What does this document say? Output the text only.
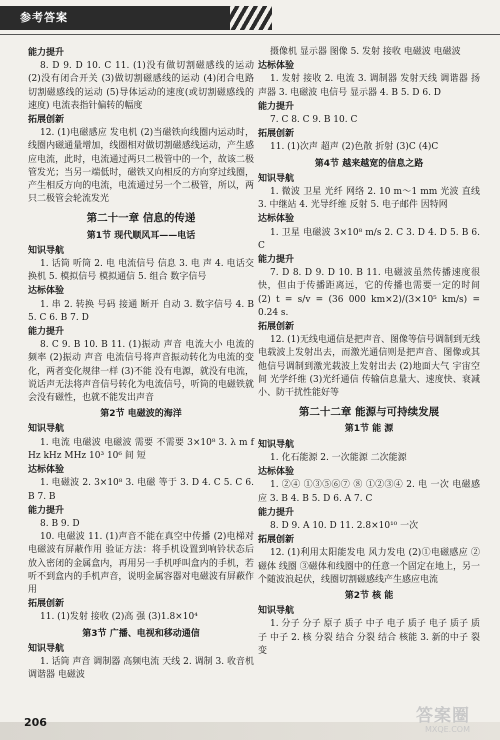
参考答案
能力提升
8. D 9. D 10. C 11. (1)没有做切割磁感线的运动 (2)没有闭合开关 (3)做切割磁感线的运动 (4)闭合电路 切割磁感线的运动 (5)导体运动的速度(或切割磁感线的速度) 电流表指针偏转的幅度
拓展创新
12. (1)电磁感应 发电机 (2)当磁铁向线圈内运动时，线圈内磁通量增加，线圈相对做切割磁感线运动，产生感应电流，此时，电流通过两只二极管中的一个，故该二极管发光；当另一端低时，磁铁又向相反的方向穿过线圈，产生相反方向的电流，电流通过另一个二极管，所以，两只二极管会轮流发光
第二十一章 信息的传递
第1节 现代顺风耳——电话
知识导航
1. 话筒 听筒 2. 电 电流信号 信息 3. 电 声 4. 电话交换机 5. 模拟信号 模拟通信 5. 组合 数字信号
达标体验
1. 串 2. 转换 号码 接通 断开 自动 3. 数字信号 4. B 5. C 6. B 7. D
能力提升
8. C 9. B 10. B 11. (1)振动 声音 电流大小 电流的频率 (2)振动 声音 电流信号将声音振动转化为电流的变化，两者变化规律一样 (3)不能 没有电源，就没有电流，说话声无法将声音信号转化为电流信号，听筒的电磁铁就会没有磁性，也就不能发出声音
第2节 电磁波的海洋
知识导航
1. 电流 电磁波 电磁波 需要 不需要 3×10⁸ 3. λ m f Hz kHz MHz 10³ 10⁶ 间 短
达标体验
1. 电磁波 2. 3×10⁸ 3. 电磁 等于 3. D 4. C 5. C 6. B 7. B
能力提升
8. B 9. D
10. 电磁波 11. (1)声音不能在真空中传播 (2)电梯对电磁波有屏蔽作用 验证方法：将手机设置到响铃状态后放入密闭的金属盒内，再用另一手机呼叫盒内的手机，若听不到盒内的手机声音，说明金属容器对电磁波有屏蔽作用
拓展创新
11. (1)发射 接收 (2)高 强 (3)1.8×10⁴
第3节 广播、电视和移动通信
知识导航
1. 话筒 声音 调制器 高频电流 天线 2. 调制 3. 收音机 调谐器 电磁波
摄像机 显示器 图像 5. 发射 接收 电磁波 电磁波
达标体验
1. 发射 接收 2. 电流 3. 调制器 发射天线 调谐器 扬声器 3. 电磁波 电信号 显示器 4. B 5. D 6. D
能力提升
7. C 8. C 9. B 10. C
拓展创新
11. (1)次声 超声 (2)色散 折射 (3)C (4)C
第4节 越来越宽的信息之路
知识导航
1. 微波 卫星 光纤 网络 2. 10 m～1 mm 光波 直线 3. 中继站 4. 光导纤维 反射 5. 电子邮件 因特网
达标体验
1. 卫星 电磁波 3×10⁸ m/s 2. C 3. D 4. D 5. B 6. C
能力提升
7. D 8. D 9. D 10. B 11. 电磁波虽然传播速度很快，但由于传播距离远，它的传播也需要一定的时间 (2) t = s/v = (36 000 km×2)/(3×10⁵ km/s) = 0.24 s.
拓展创新
12. (1)无线电通信是把声音、图像等信号调制到无线电载波上发射出去，而激光通信则是把声音、图像或其他信号调制到激光载波上发射出去 (2)地面大气 宇宙空间 光学纤维 (3)光纤通信 传输信息量大、速度快、衰减小、防干扰性能好等
第二十二章 能源与可持续发展
第1节 能 源
知识导航
1. 化石能源 2. 一次能源 二次能源
达标体验
1. ②④ ①③⑤⑥⑦ ⑧ ①②③④ 2. 电 一次 电磁感应 3. B 4. B 5. D 6. A 7. C
能力提升
8. D 9. A 10. D 11. 2.8×10¹⁰ 一次
拓展创新
12. (1)利用太阳能发电 风力发电 (2)①电磁感应 ②磁体 线圈 ③磁体和线圈中的任意一个固定在地上，另一个随波浪起伏，线圈切割磁感线产生感应电流
第2节 核 能
知识导航
1. 分子 分子 原子 质子 中子 电子 质子 电子 质子 质子 中子 2. 核 分裂 结合 分裂 结合 核能 3. 新的中子 裂变
206	答案圈
MXQE.COM
